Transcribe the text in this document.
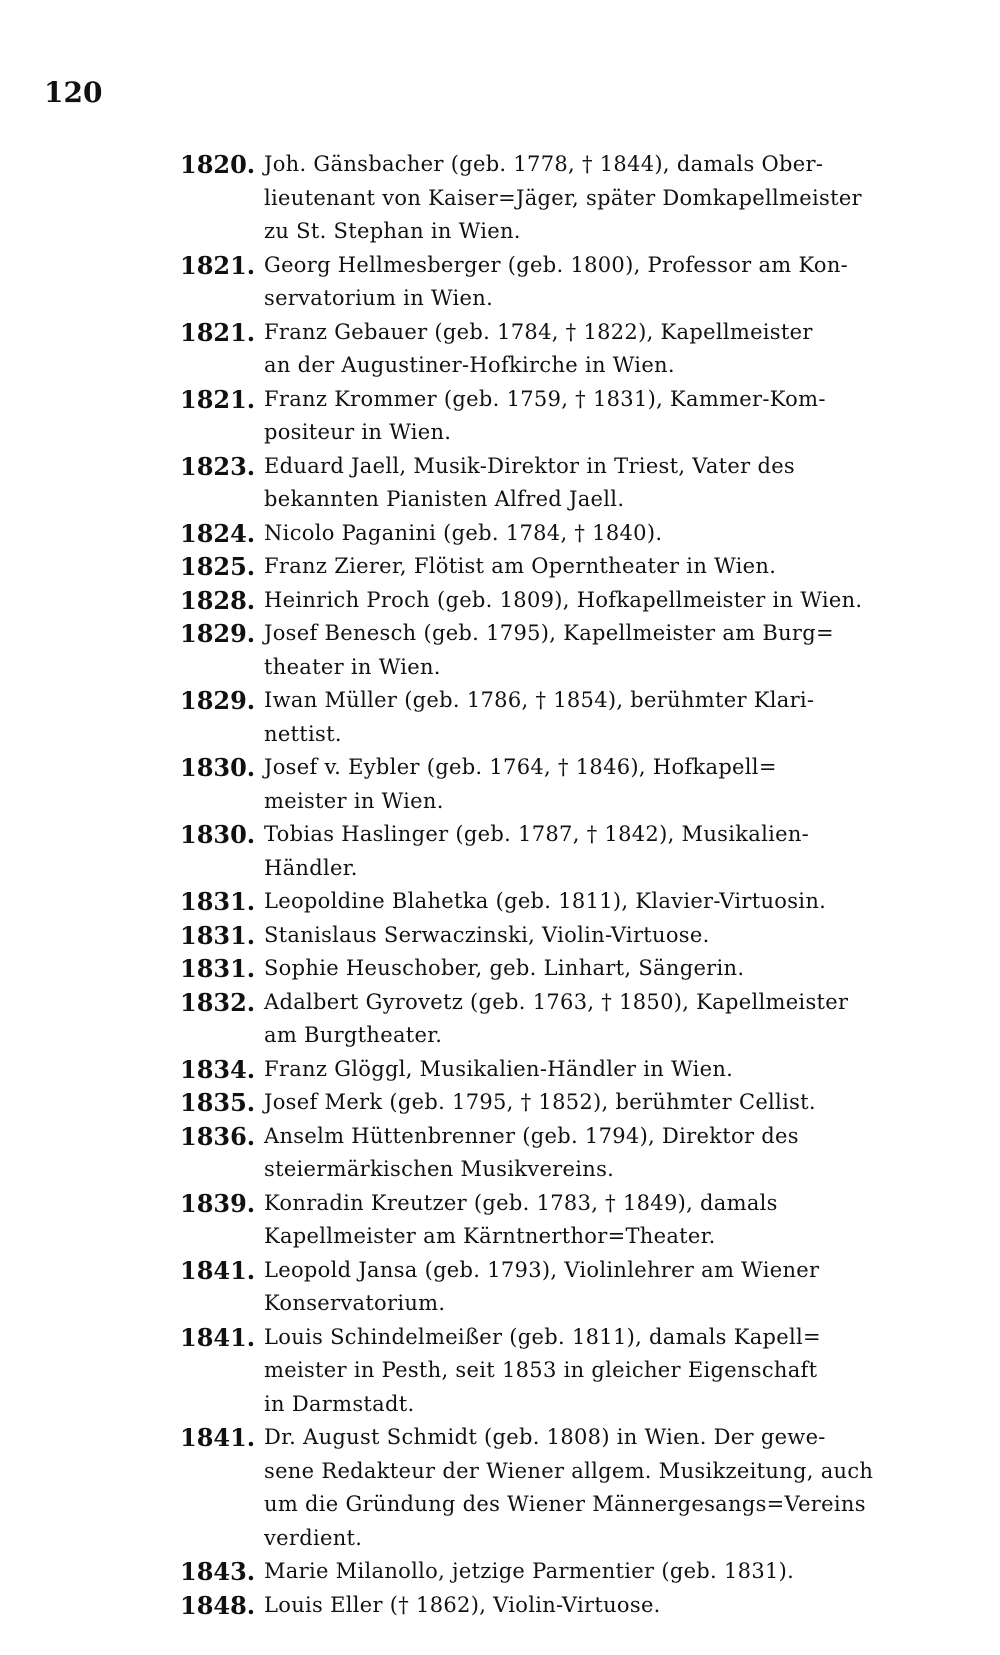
120
1820. Joh. Gänsbacher (geb. 1778, † 1844), damals Ober-
lieutenant von Kaiser=Jäger, später Domkapellmeister
zu St. Stephan in Wien.
1821. Georg Hellmesberger (geb. 1800), Professor am Kon-
servatorium in Wien.
1821. Franz Gebauer (geb. 1784, † 1822), Kapellmeister
an der Augustiner-Hofkirche in Wien.
1821. Franz Krommer (geb. 1759, † 1831), Kammer-Kom-
positeur in Wien.
1823. Eduard Jaell, Musik-Direktor in Triest, Vater des
bekannten Pianisten Alfred Jaell.
1824. Nicolo Paganini (geb. 1784, † 1840).
1825. Franz Zierer, Flötist am Operntheater in Wien.
1828. Heinrich Proch (geb. 1809), Hofkapellmeister in Wien.
1829. Josef Benesch (geb. 1795), Kapellmeister am Burg=
theater in Wien.
1829. Iwan Müller (geb. 1786, † 1854), berühmter Klari-
nettist.
1830. Josef v. Eybler (geb. 1764, † 1846), Hofkapell=
meister in Wien.
1830. Tobias Haslinger (geb. 1787, † 1842), Musikalien-
Händler.
1831. Leopoldine Blahetka (geb. 1811), Klavier-Virtuosin.
1831. Stanislaus Serwaczinski, Violin-Virtuose.
1831. Sophie Heuschober, geb. Linhart, Sängerin.
1832. Adalbert Gyrovetz (geb. 1763, † 1850), Kapellmeister
am Burgtheater.
1834. Franz Glöggl, Musikalien-Händler in Wien.
1835. Josef Merk (geb. 1795, † 1852), berühmter Cellist.
1836. Anselm Hüttenbrenner (geb. 1794), Direktor des
steiermärkischen Musikvereins.
1839. Konradin Kreutzer (geb. 1783, † 1849), damals
Kapellmeister am Kärntnerthor=Theater.
1841. Leopold Jansa (geb. 1793), Violinlehrer am Wiener
Konservatorium.
1841. Louis Schindelmeißer (geb. 1811), damals Kapell=
meister in Pesth, seit 1853 in gleicher Eigenschaft
in Darmstadt.
1841. Dr. August Schmidt (geb. 1808) in Wien. Der gewe-
sene Redakteur der Wiener allgem. Musikzeitung, auch
um die Gründung des Wiener Männergesangs=Vereins
verdient.
1843. Marie Milanollo, jetzige Parmentier (geb. 1831).
1848. Louis Eller († 1862), Violin-Virtuose.
